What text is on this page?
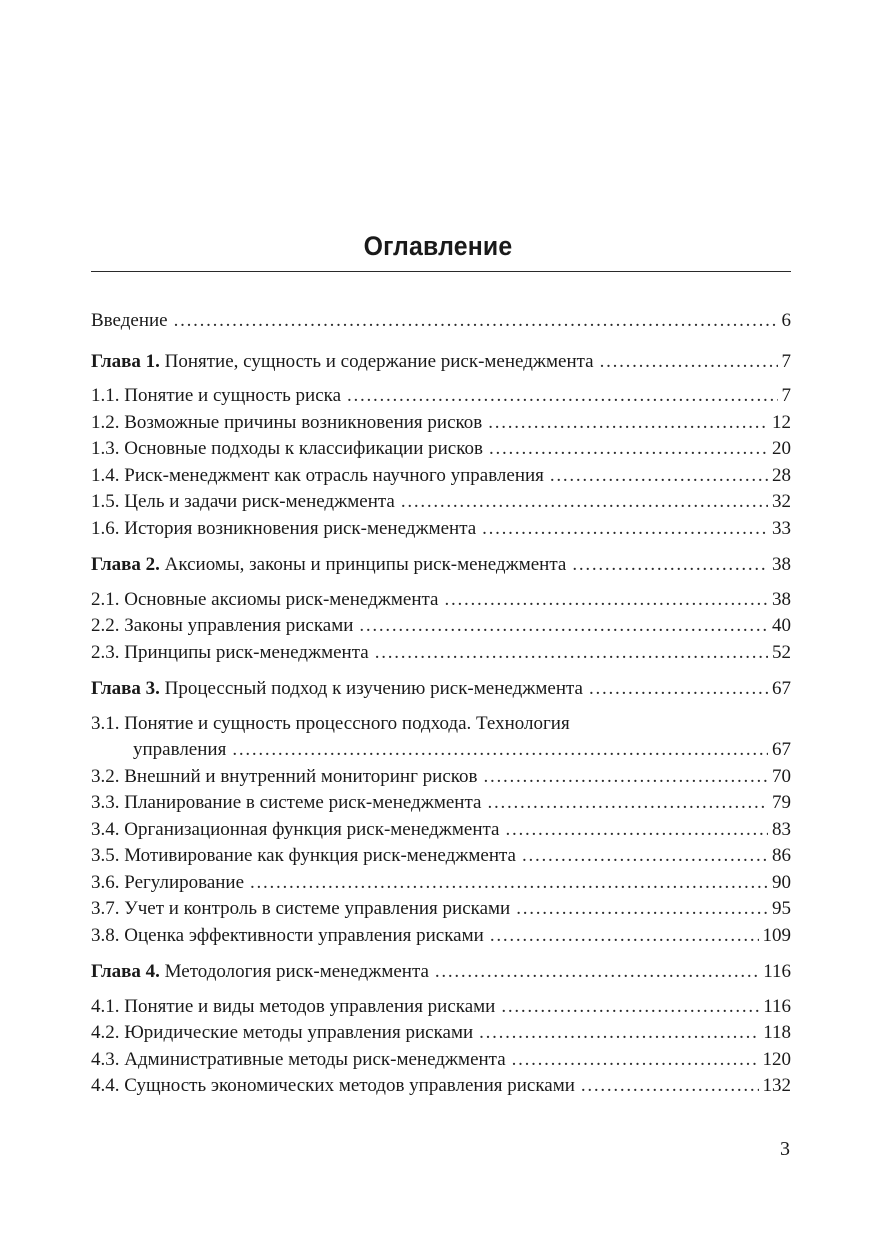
Оглавление
Введение . . .	6
Глава 1. Понятие, сущность и содержание риск-менеджмента . . .	7
1.1. Понятие и сущность риска . . .	7
1.2. Возможные причины возникновения рисков . . .	12
1.3. Основные подходы к классификации рисков . . .	20
1.4. Риск-менеджмент как отрасль научного управления . . .	28
1.5. Цель и задачи риск-менеджмента . . .	32
1.6. История возникновения риск-менеджмента . . .	33
Глава 2. Аксиомы, законы и принципы риск-менеджмента . . .	38
2.1. Основные аксиомы риск-менеджмента . . .	38
2.2. Законы управления рисками . . .	40
2.3. Принципы риск-менеджмента . . .	52
Глава 3. Процессный подход к изучению риск-менеджмента . . .	67
3.1. Понятие и сущность процессного подхода. Технология
управления . . .	67
3.2. Внешний и внутренний мониторинг рисков . . .	70
3.3. Планирование в системе риск-менеджмента . . .	79
3.4. Организационная функция риск-менеджмента . . .	83
3.5. Мотивирование как функция риск-менеджмента . . .	86
3.6. Регулирование . . .	90
3.7. Учет и контроль в системе управления рисками . . .	95
3.8. Оценка эффективности управления рисками . . .	109
Глава 4. Методология риск-менеджмента . . .	116
4.1. Понятие и виды методов управления рисками . . .	116
4.2. Юридические методы управления рисками . . .	118
4.3. Административные методы риск-менеджмента . . .	120
4.4. Сущность экономических методов управления рисками . . .	132
3
